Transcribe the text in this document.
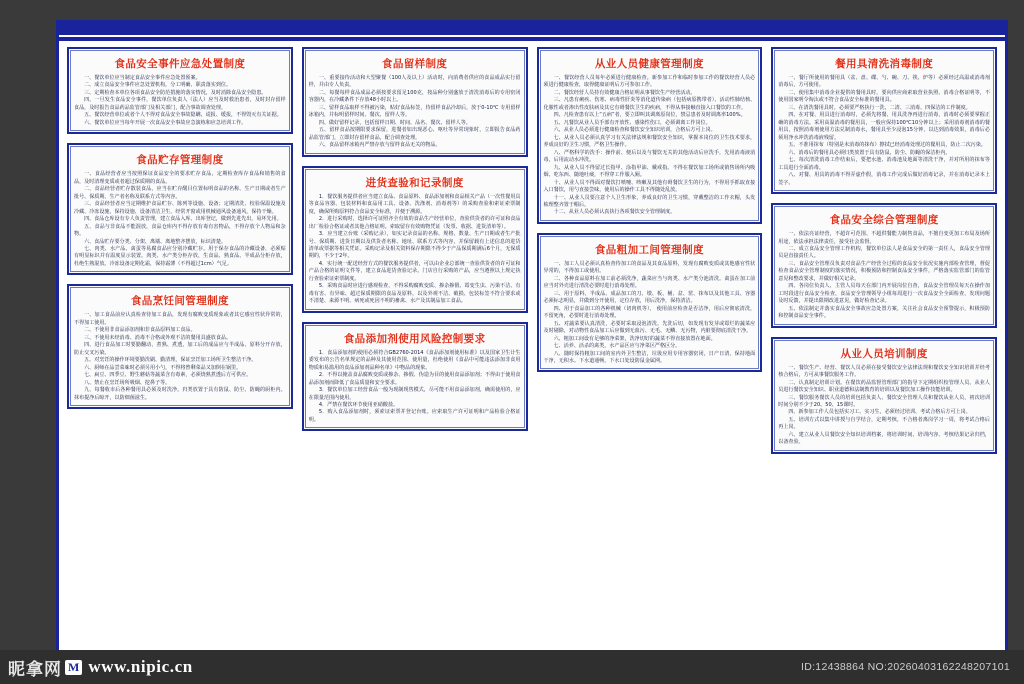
食品安全事件应急处置制度

一、餐饮单位应当制定食品安全事件应急处置预案。

二、成立食品安全事件应急处置机构，分工明确、职责落实到位。

三、定期检查本单位各项食品安全防范措施的落实情况，及时消除食品安全隐患。

四、一旦发生食品安全事件，餐饮单位负责人（法人）应当及时救治患者，及时封存留样食品，及时报告食品药品监管部门及相关部门，配合事故调查处理。

五、餐饮经营单位或者个人不得对食品安全事故隐瞒、谎报、缓报，不得毁灭有关证据。

六、餐饮单位应当每年开展一次食品安全事故应急演练和应急培训工作。

食品贮存管理制度

一、食品经营者应当按照保证食品安全的要求贮存食品，定期检查库存食品和销售的食品，及时清理变质或者超过保质期的食品。

二、食品经营者贮存散装食品，应当在贮存醒目位置标明食品的名称、生产日期或者生产批号、保质期、生产者名称及联系方式等内容。

三、食品经营者应当定期维护食品贮存、陈列等设施、设备；定期清洗、校验保温设施及冷藏、冷冻设施，保持设施、设备清洁卫生，经常开窗或用机械通风设备通风，保持干燥。

四、食品仓库设有专人负责管理，建立食品入库、出库登记，做到先进先出，易坏先用。

五、食品与非食品不能混放，食品仓库内不得存放有毒有害物品，不得存放个人物品和杂物。

六、食品贮存要分类、分架、离墙、离地整齐摆放，标识清楚。

七、肉类、水产品、禽蛋等易腐食品应分别冷藏贮存。用于保存食品的冷藏设备，必须贴有明显标识并有温度显示装置。肉类、水产类分柜存放，生食品、熟食品、半成品分柜存放，杜绝生熟混放。冷冻设备定期化霜，保持霜薄（不得超过1cm）气足。

食品烹饪间管理制度

一、加工食品前应认真检查待加工食品，发现有腐败变质现象或者其它感官性状异常的，不得加工使用。

二、不使用非食品添加剂和非食品原料加工食品。

三、不使用未经消毒、消毒不合格或外观不洁的餐用具盛放食品。

四、进行食品加工时要勤翻动、煮熟、煮透，加工后的成品应与半成品、原料分开存放，防止交叉污染。

五、对烹饪的操作环境要勤洗刷、勤清理，保证烹饪加工场所卫生整洁干净。

六、厨师在品尝菜味时必须另用小勺，不得将曾剩菜品又加倒在锅里。

七、扁豆、四季豆、野生蘑菇等蔬菜含有毒素，必须烧熟煮透后方可供应。

八、禁止在烹饪场所吸烟、挖鼻子等。

九、每餐收市后各种餐用具必须及时洗净。归类放置于具有防鼠、防尘、防蝇的厨柜内。抹布提净后晾开，以防细菌滋生。

食品留样制度

一、重要接待活动和大型聚餐（100人及以上）活动时，向消费者供应的食品成品实行留样，并由专人负责。

二、每餐每样食品成品必须按要求留足100克，按品种分别盛放于清洗消毒后的专用密闭容器内，在冷藏条件下存放48小时以上。

三、留样食品取样不得被污染，贴好食品标签，待留样食品冷却后，放于0-10℃ 专用留样冰箱内，并标明留样时间、餐次、留样人等。

四、做好留样记录，包括留样日期、时间、品名、餐次、留样人等。

五、留样食品按期限要求保留，进餐者如出现恶心、呕吐等异常现象时，立即报告食品药品监管部门，立即封存留样食品，配合调查处理。

六、食品留样冰箱内严禁存放与留样食品无关的物品。

进货查验和记录制度

1．餐饮服务提供者应当建立食品、食品原料、食品添加剂和食品相关产品（一次性餐用具等食品容器、包装材料和食品用工具、设备、洗涤剂、消毒剂等）的采购查验和索证索票制度，确保所购原料符合食品安全标准，并便于溯源。

2．进行采购时，选择许可证照齐全有效的食品生产经营单位，查验供货者的许可证和食品出厂检验合格证或者其他合格证明。索取留存有效购物凭证（发票、收据、进货清单等）。

3．应当建立台账（采购记录），如实记录食品的名称、规格、数量、生产日期或者生产批号、保质期、进货日期以及供货者名称、地址、联系方式等内容，并保留载有上述信息的进货清单或票据等相关凭证。采购记录及相关资料保存期限不得少于产品保质期满后6个月，无保质期的，不少于2年。

4．实行统一配送经营方式的餐饮服务提供者，可以由企业总部统一查验供货者的许可证和产品合格的证明文件等，建立食品进货查验记录。门店自行采购的产品，应当遵照以上规定执行查验索证索票制度。

5．采购食品时应进行感观检查，不得采购腐败变质、掺杂掺假、霉变生虫、污染不洁、有毒有害、有异味、超过保质期限的食品及原料，以及外观不洁、破损、包装标签不符合要求或不清楚、来源不明、病死或死因不明的畜禽、水产及其制品加工食品。

食品添加剂使用风险控制要求

1．食品添加剂的使用必须符合GB2760-2014《食品添加剂使用标准》以及国家卫生计生委发布的公告名单规定的品种及其使用范围、使用量，杜绝使用《食品中可能违法添加非食用物质和易滥用的食品添加剂品种名单》中物品的现象。

2．不得以掩盖食品腐败变质或掺杂、掺假、伪造为目的使用食品添加剂；不得由于使用食品添加剂而降低了食品质量和安全要求。

3．餐饮单位加工经营食品一般为现制现售模式，尽可能不用食品添加剂，确需使用的，应在限量范围内使用。

4．严禁在餐饮环节使用亚硝酸盐。

5．购入食品添加剂时，须索证索票并登记台账。应索取生产许可证明和产品检验合格证明。

从业人员健康管理制度

一、餐饮经营人员每年必须进行健康检查。新参加工作和临时参加工作的餐饮经营人员必须进行健康检查，取得健康证明后方可参加工作。

二、餐饮经营人员持有效健康合格证明从事餐饮生产经营活动。

三、凡患有痢疾、伤寒、病毒性肝炎等消化道传染病（包括病原携带者）、活动性肺结核、化脓性或者渗出性皮肤病及其它有碍餐饮卫生的疾病，不得从事接触直接入口餐饮的工作。

四、凡检查患有以上“五病”者，要立即叫其调离原岗位，禁忌患者及时调离率100%。

五、凡餐饮从业人员手部有开放性、感染性伤口，必须调离工作岗位。

六、从业人员必须进行健康检查和餐饮安全知识培训，合格后方可上岗。

七、从业人员必须认真学习有关法律法规和餐饮安全知识，掌握本岗位的卫生技术要求，养成良好的卫生习惯，严格卫生操作。

八、严格科学的洗手：操作前、便后以及与餐饮无关的其他活动后应洗手，先用消毒液消毒，后用流动水冲洗。

九、从业人员不得留过长指甲、涂指甲油、戴戒指。不得在餐饮加工场所或销售场所内吸烟、吃东西、随地吐痰，不得穿工作服入厕。

十、从业人员不得面对餐饮打喷嚏、咳嗽及其他有碍餐饮卫生的行为，不得用手抓取直接入口餐饮，用勺直接尝味，使用后的操作工具不得随处乱放。

十一、从业人员要注意个人卫生形象，养成良好的卫生习惯，穿戴整洁的工作衣帽，头发梳理整齐置于帽后。

十二、从业人员必须认真执行各项餐饮安全管理制度。

食品粗加工间管理制度

一、加工人员必须认真检查待加工的食品及其食品原料，发现有腐败变质或其他感官性状异常的，不得加工或使用。

二、各种食品原料在加工前必须洗净，蔬菜应当与肉类、水产类分池清洗。禽蛋在加工前应当对外壳进行清洗必要时进行消毒处理。

三、用于原料、半成品、成品加工的刀、墩、板、桶、盆、筐、抹布以及其他工具、容器必须标志明显，并做到分开使用，定位存放，用后洗净，保持清洁。

四、用于食品加工的各种机械（切肉机等）， 使用前应检查是否洁净，用后应彻底清洗，不留死角，必要时进行消毒处理。

五、对蔬菜要认真清洗，必要时采取浸泡清洗。先洗后切，如发现有发芽或霉烂的蔬菜应及时剔除，对动物性食品加工后应做到无血污、无毛、无鳞、无污物，内脏要彻底清洗干净。

六、粗加工间设有足够的净菜架，洗净切好的蔬菜不得直接放置在地面。

七、活养、活杀的禽类，水产品区应与净菜区严格区分。

八、随时保持粗加工间的室内外卫生整洁，垃圾应用专用容器密闭，日产日清，保持地面干净，无积水。下水道通畅，下水口处设防鼠金属网。

餐用具清洗消毒制度

一、餐厅所使用的餐用具（盆、盘、碟、勺、碗、刀、筷、炉等）必须经过高温或消毒剂消毒后，方可使用。

二、使用集中消毒企业提供的餐用具时，要向供应商索取营业执照、消毒合格证明等，不使用国家明令淘汰或不符合食品安全标准的餐用具。

三、在清洗餐用具时，必须要严格执行一洗、二清、三消毒、四保洁的工作制度。

四、在对餐、用具进行消毒时，必须先将餐、用具洗净再进行消毒，消毒时必须要掌握正确的消毒方法。采用高温消毒的餐用具，一般应保持100℃10分钟以上；采用消毒剂消毒的餐用具，按照消毒剂使用方法兑制消毒水，餐用具至少浸泡15分钟，以达到消毒效果，消毒后必须用净水冲洗消毒液残留。

五、不准用抹布（特别是未消毒的抹布）擦拭已经消毒处理过的餐用具，防止二次污染。

六、消毒后的餐用具必须归类放置于具有防鼠、防尘、防蝇的保洁柜内。

七、每次清洗消毒工作结束后，要把水池、消毒池及地面等清洗干净，并对所用的抹布等工具进行全面消毒。

八、对餐、用具的消毒不得弄虚作假，消毒工作完成后做好消毒记录，并在消毒记录本上签字。

食品安全综合管理制度

一、依法亮证经营，不超许可范围、不超供餐能力制售食品，不擅自变更加工布局及场所用途，依法承担法律责任，接受社会监督。

二、成立食品安全管理工作机构，餐饮单位法人是食品安全的第一责任人，食品安全管理员是直接责任人。

三、食品安全管理员负责对食品生产经营全过程的食品安全状况实施内部检查管理，督促检查食品安全管理制度的落实情况，积极预防和控制食品安全事件，严格落实监管部门的监管意见和整改要求，并做好相关记录。

四、各岗位负责人、主管人员每天在部门内开展岗位自查，食品安全管理员每天在操作加工时段进行食品安全检查，食品安全管理领导小组每周进行一次食品安全全面检查，发现问题及时反馈，并提出限期改进意见，做好检查记录。

五、依法制定并落实食品安全事故应急处置方案，关注社会食品安全预警提示，积极预防和控制食品安全事件。

从业人员培训制度

一、餐饮生产、经营、餐饮人员必须在接受餐饮安全法律法规和餐饮安全知识培训并经考核合格后，方可从事餐饮服务工作。

二、认真制定培训计划。在餐饮药品监督管理部门的指导下定期组织校管理人员、从业人员进行餐饮安全知识、职业道德和法制教育的培训以及餐饮加工操作技能培训。

三、餐饮服务餐饮人员的培训包括负责人、餐饮安全管理人员和餐饮从业人员，初次培训时间分别不少于20、50、15课时。

四、新参加工作人员包括实习工、实习生，必须经过培训、考试合格后方可上岗。

五、培训方式以集中讲授与自学结合，定期考核，不合格者离岗学习一周，将考试合格后再上岗。

六、建立从业人员餐饮安全知识培训档案，将培训时间、培训内容、考核结果记录归档，以备查验。

昵拿网 M www.nipic.cn	ID:12438864 NO:20260403162248207101
